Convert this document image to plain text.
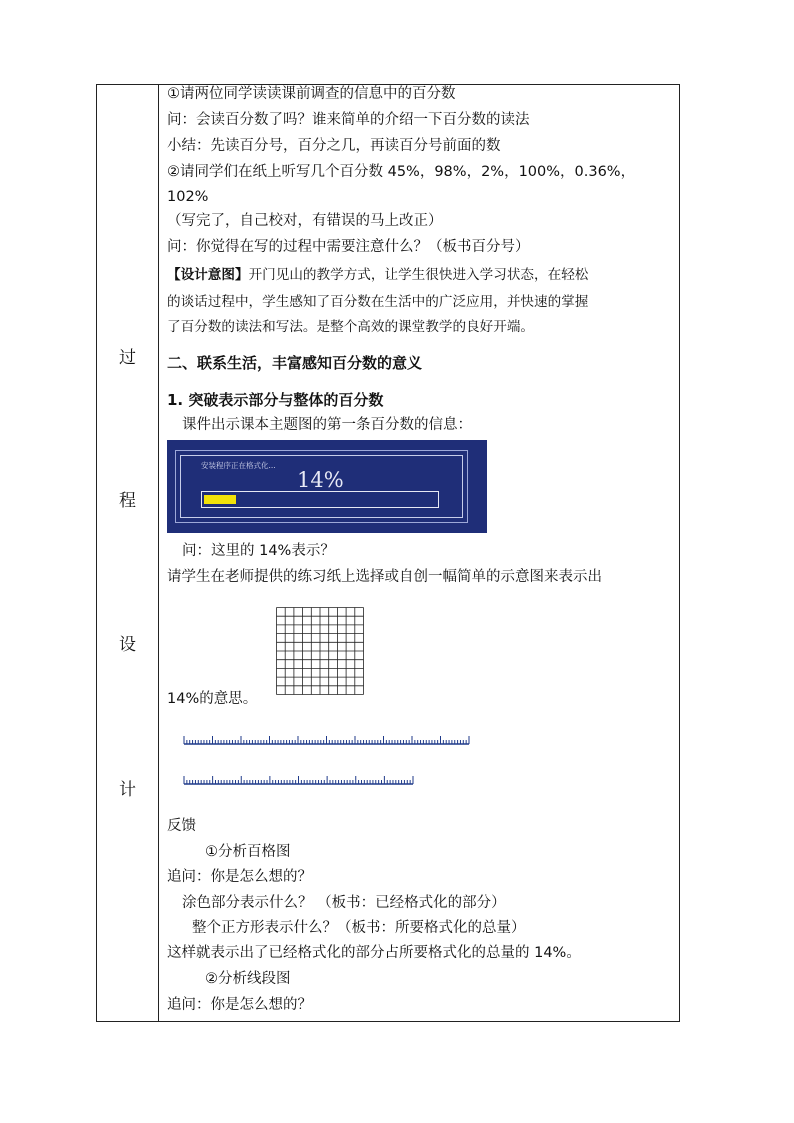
过
程
设
计
①请两位同学读读课前调查的信息中的百分数
问：会读百分数了吗？谁来简单的介绍一下百分数的读法
小结：先读百分号，百分之几，再读百分号前面的数
②请同学们在纸上听写几个百分数 45%，98%，2%，100%，0.36%，
102%
（写完了，自己校对，有错误的马上改正）
问：你觉得在写的过程中需要注意什么？（板书百分号）
【设计意图】开门见山的教学方式，让学生很快进入学习状态，在轻松
的谈话过程中，学生感知了百分数在生活中的广泛应用，并快速的掌握
了百分数的读法和写法。是整个高效的课堂教学的良好开端。
二、联系生活，丰富感知百分数的意义
1. 突破表示部分与整体的百分数
课件出示课本主题图的第一条百分数的信息：
安装程序正在格式化...
14%
问：这里的 14%表示？
请学生在老师提供的练习纸上选择或自创一幅简单的示意图来表示出
14%的意思。
反馈
①分析百格图
追问：你是怎么想的？
涂色部分表示什么？ （板书：已经格式化的部分）
整个正方形表示什么？（板书：所要格式化的总量）
这样就表示出了已经格式化的部分占所要格式化的总量的 14%。
②分析线段图
追问：你是怎么想的？
